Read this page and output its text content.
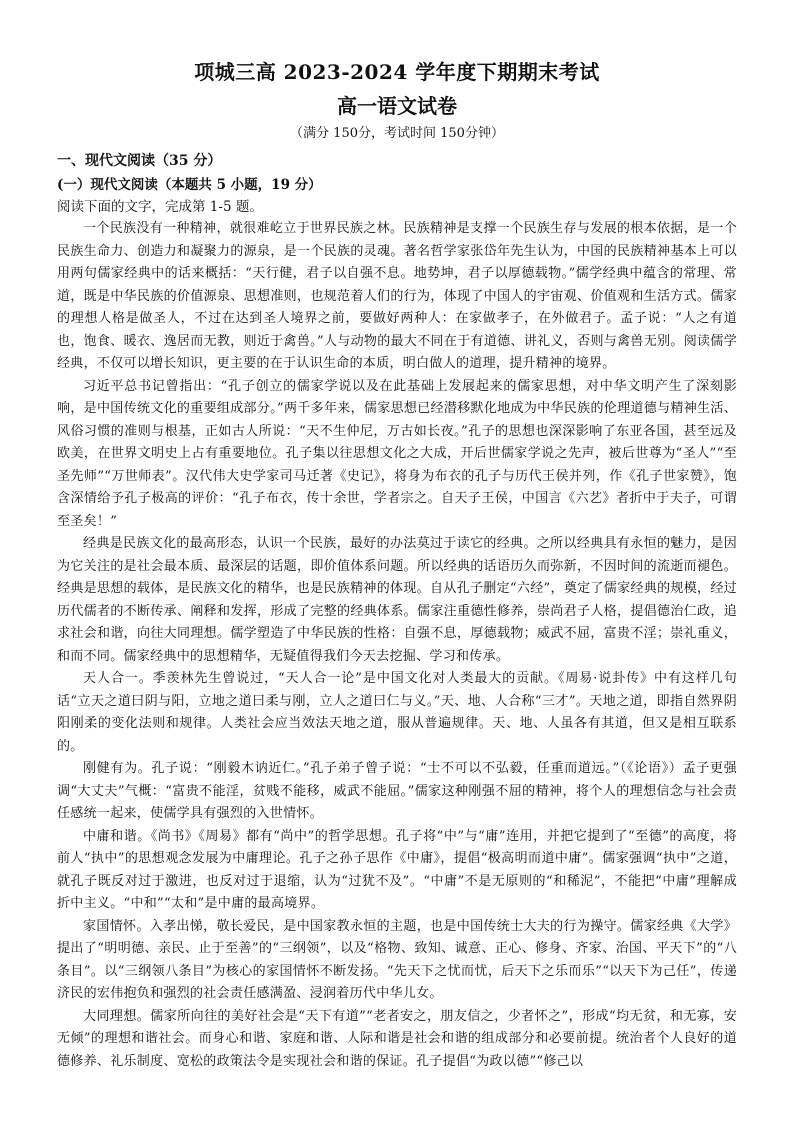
项城三高 2023-2024 学年度下期期末考试
高一语文试卷
（满分 150分，考试时间 150分钟）
一、现代文阅读（35 分）
(一）现代文阅读（本题共 5 小题，19 分）
阅读下面的文字，完成第 1-5 题。

一个民族没有一种精神，就很难屹立于世界民族之林。民族精神是支撑一个民族生存与发展的根本依据，是一个民族生命力、创造力和凝聚力的源泉，是一个民族的灵魂。著名哲学家张岱年先生认为，中国的民族精神基本上可以用两句儒家经典中的话来概括：“天行健，君子以自强不息。地势坤，君子以厚德载物。”儒学经典中蕴含的常理、常道，既是中华民族的价值源泉、思想准则，也规范着人们的行为，体现了中国人的宇宙观、价值观和生活方式。儒家的理想人格是做圣人，不过在达到圣人境界之前，要做好两种人：在家做孝子，在外做君子。孟子说：“人之有道也，饱食、暖衣、逸居而无教，则近于禽兽。”人与动物的最大不同在于有道德、讲礼义，否则与禽兽无别。阅读儒学经典，不仅可以增长知识，更主要的在于认识生命的本质，明白做人的道理，提升精神的境界。

习近平总书记曾指出：“孔子创立的儒家学说以及在此基础上发展起来的儒家思想，对中华文明产生了深刻影响，是中国传统文化的重要组成部分。”两千多年来，儒家思想已经潜移默化地成为中华民族的伦理道德与精神生活、风俗习惯的准则与根基，正如古人所说：“天不生仲尼，万古如长夜。”孔子的思想也深深影响了东亚各国，甚至远及欧美，在世界文明史上占有重要地位。孔子集以往思想文化之大成，开后世儒家学说之先声，被后世尊为“圣人”“至圣先师”“万世师表”。汉代伟大史学家司马迁著《史记》，将身为布衣的孔子与历代王侯并列，作《孔子世家赞》，饱含深情给予孔子极高的评价：“孔子布衣，传十余世，学者宗之。自天子王侯，中国言《六艺》者折中于夫子，可谓至圣矣！”

经典是民族文化的最高形态，认识一个民族，最好的办法莫过于读它的经典。之所以经典具有永恒的魅力，是因为它关注的是社会最本质、最深层的话题，即价值体系问题。所以经典的话语历久而弥新，不因时间的流逝而褪色。经典是思想的载体，是民族文化的精华，也是民族精神的体现。自从孔子删定“六经”，奠定了儒家经典的规模，经过历代儒者的不断传承、阐释和发挥，形成了完整的经典体系。儒家注重德性修养，崇尚君子人格，提倡德治仁政，追求社会和谐，向往大同理想。儒学塑造了中华民族的性格：自强不息，厚德载物；威武不屈，富贵不淫；崇礼重义，和而不同。儒家经典中的思想精华，无疑值得我们今天去挖掘、学习和传承。

天人合一。季羡林先生曾说过，“天人合一论”是中国文化对人类最大的贡献。《周易·说卦传》中有这样几句话“立天之道曰阴与阳，立地之道曰柔与刚，立人之道曰仁与义。”天、地、人合称“三才”。天地之道，即指自然界阴阳刚柔的变化法则和规律。人类社会应当效法天地之道，服从普遍规律。天、地、人虽各有其道，但又是相互联系的。

刚健有为。孔子说：“刚毅木讷近仁。”孔子弟子曾子说：“士不可以不弘毅，任重而道远。”（《论语》）孟子更强调“大丈夫”气概：“富贵不能淫，贫贱不能移，威武不能屈。”儒家这种刚强不屈的精神，将个人的理想信念与社会责任感统一起来，使儒学具有强烈的入世情怀。

中庸和谐。《尚书》《周易》都有“尚中”的哲学思想。孔子将“中”与“庸”连用，并把它提到了“至德”的高度，将前人“执中”的思想观念发展为中庸理论。孔子之孙子思作《中庸》，提倡“极高明而道中庸”。儒家强调“执中”之道，就孔子既反对过于激进，也反对过于退缩，认为“过犹不及”。“中庸”不是无原则的“和稀泥”，不能把“中庸”理解成折中主义。“中和”“太和”是中庸的最高境界。

家国情怀。入孝出悌，敬长爱民，是中国家教永恒的主题，也是中国传统士大夫的行为操守。儒家经典《大学》提出了“明明德、亲民、止于至善”的“三纲领”，以及“格物、致知、诚意、正心、修身、齐家、治国、平天下”的“八条目”。以“三纲领八条目”为核心的家国情怀不断发扬。“先天下之忧而忧，后天下之乐而乐”“以天下为己任”，传递济民的宏伟抱负和强烈的社会责任感满盈、浸润着历代中华儿女。

大同理想。儒家所向往的美好社会是“天下有道”“老者安之，朋友信之，少者怀之”，形成“均无贫，和无寡，安无倾”的理想和谐社会。而身心和谐、家庭和谐、人际和谐是社会和谐的组成部分和必要前提。统治者个人良好的道德修养、礼乐制度、宽松的政策法令是实现社会和谐的保证。孔子提倡“为政以德”“修己以
